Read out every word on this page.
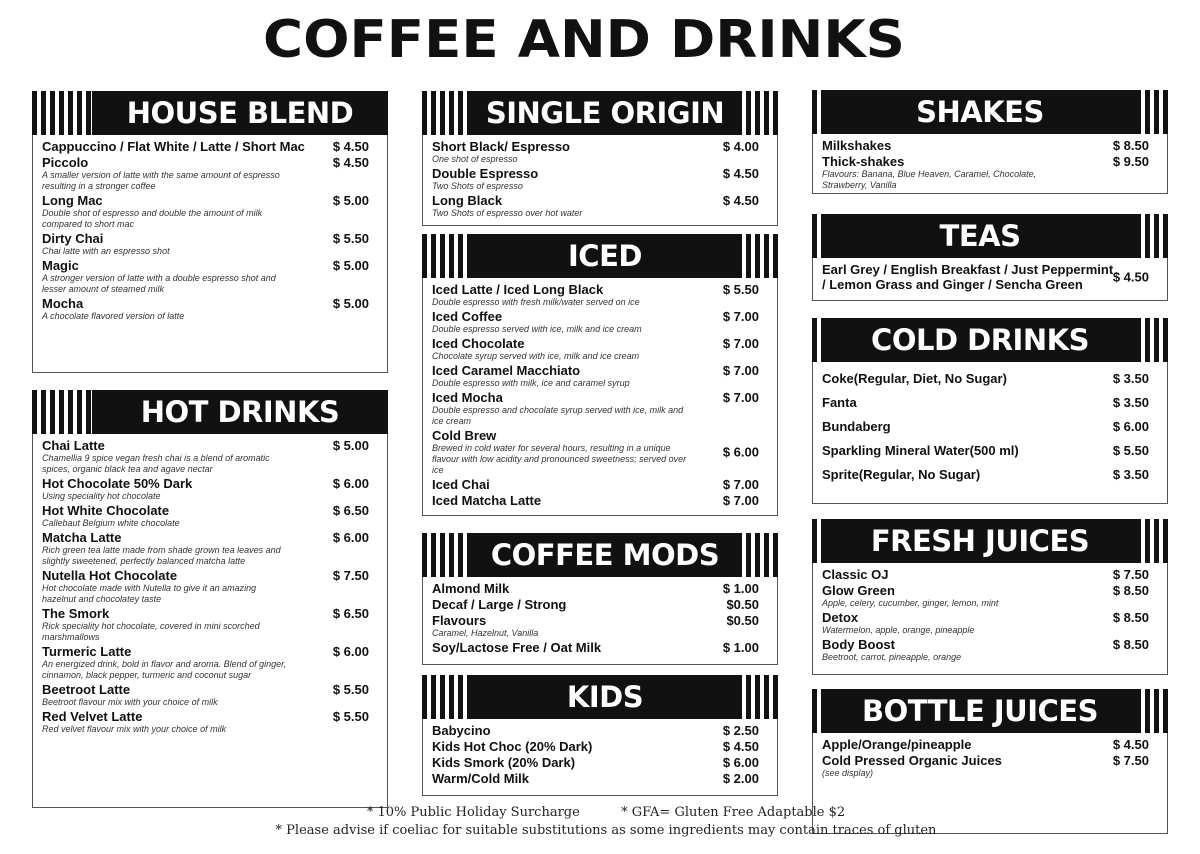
COFFEE AND DRINKS
HOUSE BLEND
Cappuccino / Flat White / Latte / Short Mac	$ 4.50
Piccolo
A smaller version of latte with the same amount of espresso resulting in a stronger coffee
$ 4.50
Long Mac
Double shot of espresso and double the amount of milk compared to short mac
$ 5.00
Dirty Chai
Chai latte with an espresso shot
$ 5.50
Magic
A stronger version of latte with a double espresso shot and lesser amount of steamed milk
$ 5.00
Mocha
A chocolate flavored version of latte
$ 5.00
HOT DRINKS
Chai Latte
Chamellia 9 spice vegan fresh chai is a blend of aromatic spices, organic black tea and agave nectar
$ 5.00
Hot Chocolate 50% Dark
Using speciality hot chocolate
$ 6.00
Hot White Chocolate
Callebaut Belgium white chocolate
$ 6.50
Matcha Latte
Rich green tea latte made from shade grown tea leaves and slightly sweetened, perfectly balanced matcha latte
$ 6.00
Nutella Hot Chocolate
Hot chocolate made with Nutella to give it an amazing hazelnut and chocolatey taste
$ 7.50
The Smork
Rick speciality hot chocolate, covered in mini scorched marshmallows
$ 6.50
Turmeric Latte
An energized drink, bold in flavor and aroma. Blend of ginger, cinnamon, black pepper, turmeric and coconut sugar
$ 6.00
Beetroot Latte
Beetroot flavour mix with your choice of milk
$ 5.50
Red Velvet Latte
Red velvet flavour mix with your choice of milk
$ 5.50
SINGLE ORIGIN
Short Black/ Espresso
One shot of espresso
$ 4.00
Double Espresso
Two Shots of espresso
$ 4.50
Long Black
Two Shots of espresso over hot water
$ 4.50
ICED
Iced Latte / Iced Long Black
Double espresso with fresh milk/water served on ice
$ 5.50
Iced Coffee
Double espresso served with ice, milk and ice cream
$ 7.00
Iced Chocolate
Chocolate syrup served with ice, milk and ice cream
$ 7.00
Iced Caramel Macchiato
Double espresso with milk, ice and caramel syrup
$ 7.00
Iced Mocha
Double espresso and chocolate syrup served with ice, milk and ice cream
$ 7.00
Cold Brew
Brewed in cold water for several hours, resulting in a unique flavour with low acidity and pronounced sweetness; served over ice
$ 6.00
Iced Chai	$ 7.00
Iced Matcha Latte	$ 7.00
COFFEE MODS
Almond Milk	$ 1.00
Decaf / Large / Strong	$0.50
Flavours
Caramel, Hazelnut, Vanilla
$0.50
Soy/Lactose Free / Oat Milk	$ 1.00
KIDS
Babycino	$ 2.50
Kids Hot Choc (20% Dark)	$ 4.50
Kids Smork (20% Dark)	$ 6.00
Warm/Cold Milk	$ 2.00
SHAKES
Milkshakes	$ 8.50
Thick-shakes
Flavours: Banana, Blue Heaven, Caramel, Chocolate, Strawberry, Vanilla
$ 9.50
TEAS
Earl Grey / English Breakfast / Just Peppermint
/ Lemon Grass and Ginger / Sencha Green	$ 4.50
COLD DRINKS
Coke(Regular, Diet, No Sugar)	$ 3.50
Fanta	$ 3.50
Bundaberg	$ 6.00
Sparkling Mineral Water(500 ml)	$ 5.50
Sprite(Regular, No Sugar)	$ 3.50
FRESH JUICES
Classic OJ	$ 7.50
Glow Green
Apple, celery, cucumber, ginger, lemon, mint
$ 8.50
Detox
Watermelon, apple, orange, pineapple
$ 8.50
Body Boost
Beetroot, carrot, pineapple, orange
$ 8.50
BOTTLE JUICES
Apple/Orange/pineapple	$ 4.50
Cold Pressed Organic Juices
(see display)
$ 7.50
* 10% Public Holiday Surcharge          * GFA= Gluten Free Adaptable $2
* Please advise if coeliac for suitable substitutions as some ingredients may contain traces of gluten
